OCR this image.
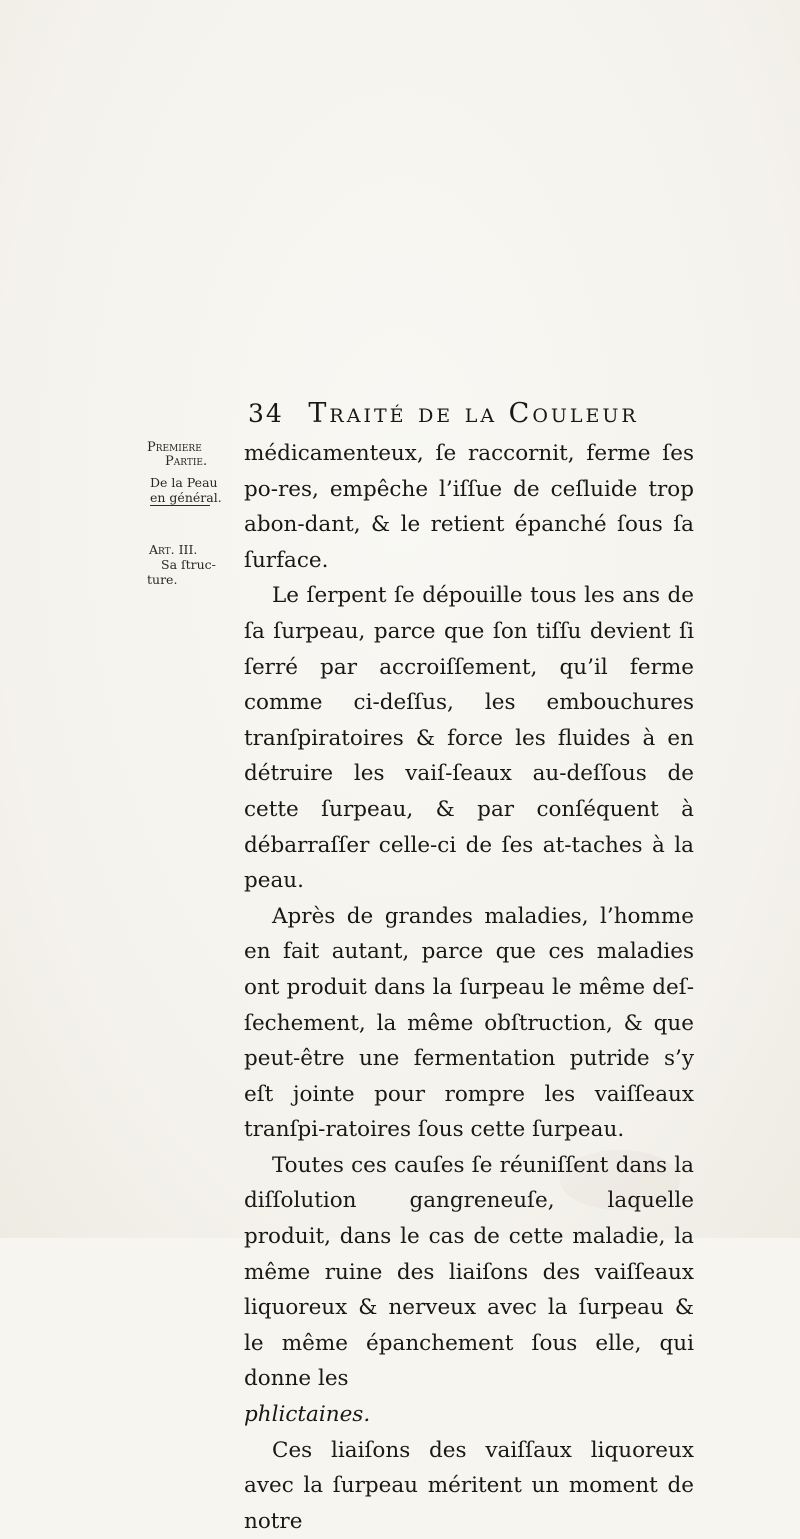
34 Traité de la Couleur
Premiere
Partie.
De la Peau
en général.
Art. III.
Sa ſtruc-
ture.

médicamenteux, ſe raccornit, ferme ſes po-res, empêche l’iſſue de ceſluide trop abon-dant, & le retient épanché ſous ſa ſurface.

Le ſerpent ſe dépouille tous les ans de ſa ſurpeau, parce que ſon tiſſu devient ſi ſerré par accroiſſement, qu’il ferme comme ci-deſſus, les embouchures tranſpiratoires & force les fluides à en détruire les vaiſ-ſeaux au-deſſous de cette ſurpeau, & par conſéquent à débarraſſer celle-ci de ſes at-taches à la peau.

Après de grandes maladies, l’homme en fait autant, parce que ces maladies ont produit dans la ſurpeau le même deſ-ſechement, la même obſtruction, & que peut-être une fermentation putride s’y eſt jointe pour rompre les vaiſſeaux tranſpi-ratoires ſous cette ſurpeau.

Toutes ces cauſes ſe réuniſſent dans la diſſolution gangreneuſe, laquelle produit, dans le cas de cette maladie, la même ruine des liaiſons des vaiſſeaux liquoreux & nerveux avec la ſurpeau & le même épanchement ſous elle, qui donne les

phlictaines.

Ces liaiſons des vaiſſaux liquoreux avec la ſurpeau méritent un moment de notre
